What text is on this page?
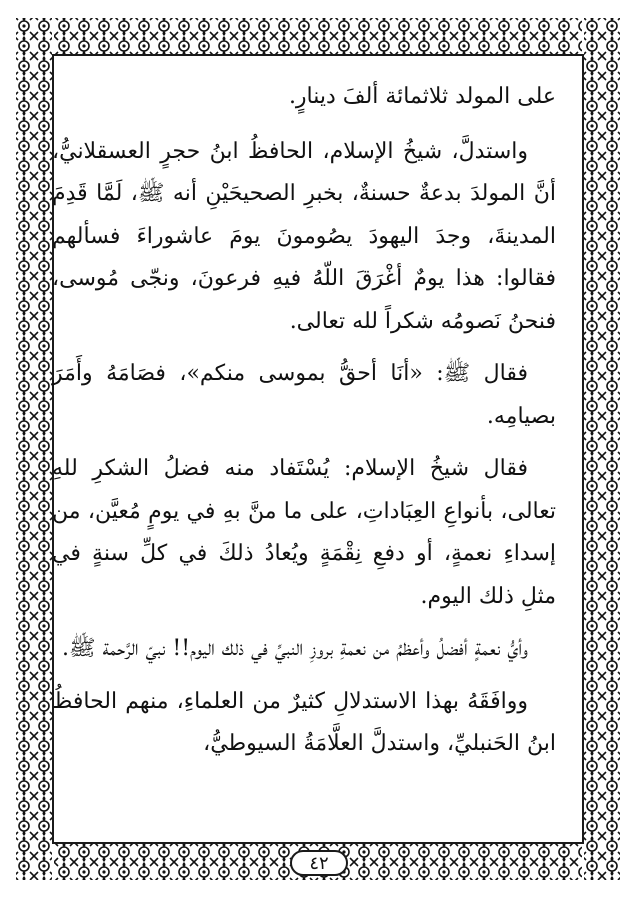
على المولد ثلاثمائة ألفَ دينارٍ.

واستدلَّ، شيخُ الإسلام، الحافظُ ابنُ حجرٍ العسقلانيُّ، أنَّ المولدَ بدعةٌ حسنةٌ، بخبرِ الصحيحَيْنِ أنه ﷺ، لَمَّا قَدِمَ المدينةَ، وجدَ اليهودَ يصُومونَ يومَ عاشوراءَ فسألهم فقالوا: هذا يومٌ أغْرَقَ اللّهُ فيهِ فرعونَ، ونجّى مُوسى، فنحنُ نَصومُه شكراً لله تعالى.

فقال ﷺ: «أنَا أحقُّ بموسى منكم»، فصَامَهُ وأَمَرَ بصيامِه.

فقال شيخُ الإسلام: يُسْتَفاد منه فضلُ الشكرِ للهِ تعالى، بأنواعِ العِبَاداتِ، على ما منَّ بهِ في يومٍ مُعيَّن، من إسداءِ نعمةٍ، أو دفعِ نِقْمَةٍ ويُعادُ ذلكَ في كلِّ سنةٍ في مثلِ ذلك اليوم.

وأيُّ نعمةٍ أفضلُ وأعظمُ من نعمةِ بروزِ النبيِّ في ذلك اليوم!! نبيّ الرَّحمة ﷺ.

ووافَقَهُ بهذا الاستدلالِ كثيرٌ من العلماءِ، منهم الحافظُ ابنُ الحَنبليِّ، واستدلَّ العلَّامَةُ السيوطيُّ،

٤٢
